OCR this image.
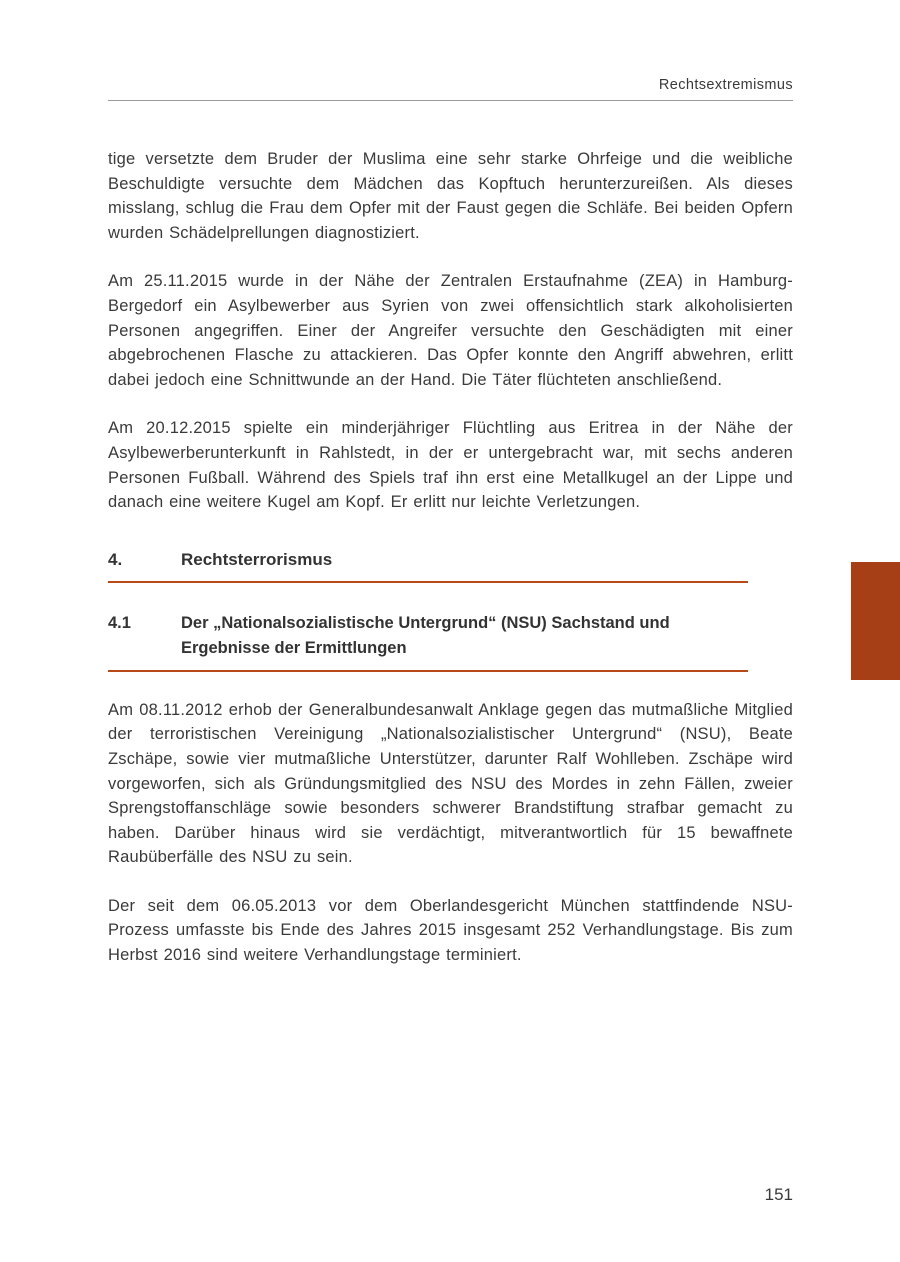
Rechtsextremismus

tige versetzte dem Bruder der Muslima eine sehr starke Ohrfeige und die weibliche Beschuldigte versuchte dem Mädchen das Kopftuch herunterzureißen. Als dieses misslang, schlug die Frau dem Opfer mit der Faust gegen die Schläfe. Bei beiden Opfern wurden Schädelprellungen diagnostiziert.

Am 25.11.2015 wurde in der Nähe der Zentralen Erstaufnahme (ZEA) in Hamburg-Bergedorf ein Asylbewerber aus Syrien von zwei offensichtlich stark alkoholisierten Personen angegriffen. Einer der Angreifer versuchte den Geschädigten mit einer abgebrochenen Flasche zu attackieren. Das Opfer konnte den Angriff abwehren, erlitt dabei jedoch eine Schnittwunde an der Hand. Die Täter flüchteten anschließend.

Am 20.12.2015 spielte ein minderjähriger Flüchtling aus Eritrea in der Nähe der Asylbewerberunterkunft in Rahlstedt, in der er untergebracht war, mit sechs anderen Personen Fußball. Während des Spiels traf ihn erst eine Metallkugel an der Lippe und danach eine weitere Kugel am Kopf. Er erlitt nur leichte Verletzungen.

4.	Rechtsterrorismus
4.1	Der „Nationalsozialistische Untergrund“ (NSU) Sachstand und Ergebnisse der Ermittlungen

Am 08.11.2012 erhob der Generalbundesanwalt Anklage gegen das mutmaßliche Mitglied der terroristischen Vereinigung „Nationalsozialistischer Untergrund“ (NSU), Beate Zschäpe, sowie vier mutmaßliche Unterstützer, darunter Ralf Wohlleben. Zschäpe wird vorgeworfen, sich als Gründungsmitglied des NSU des Mordes in zehn Fällen, zweier Sprengstoffanschläge sowie besonders schwerer Brandstiftung strafbar gemacht zu haben. Darüber hinaus wird sie verdächtigt, mitverantwortlich für 15 bewaffnete Raubüberfälle des NSU zu sein.

Der seit dem 06.05.2013 vor dem Oberlandesgericht München stattfindende NSU-Prozess umfasste bis Ende des Jahres 2015 insgesamt 252 Verhandlungstage. Bis zum Herbst 2016 sind weitere Verhandlungstage terminiert.

151
